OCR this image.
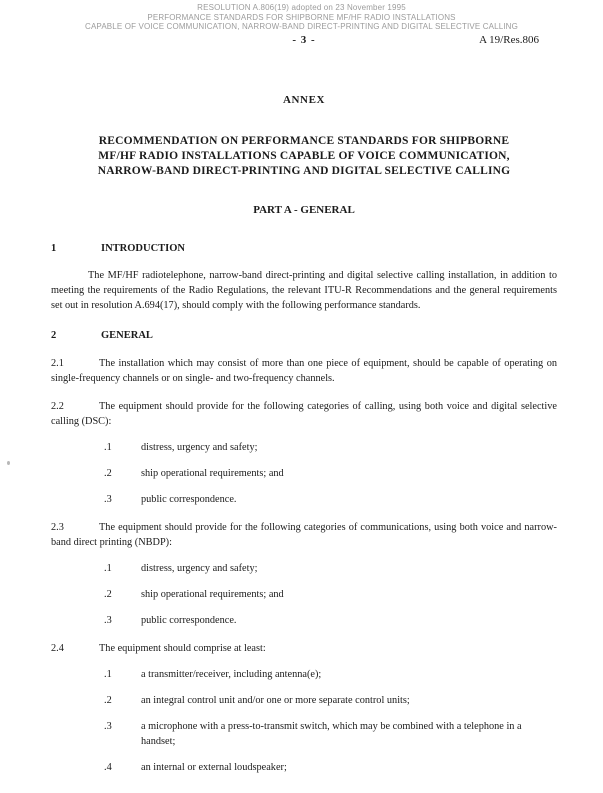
RESOLUTION A.806(19) adopted on 23 November 1995
PERFORMANCE STANDARDS FOR SHIPBORNE MF/HF RADIO INSTALLATIONS
CAPABLE OF VOICE COMMUNICATION, NARROW-BAND DIRECT-PRINTING AND DIGITAL SELECTIVE CALLING
- 3 -	A 19/Res.806
ANNEX
RECOMMENDATION ON PERFORMANCE STANDARDS FOR SHIPBORNE
MF/HF RADIO INSTALLATIONS CAPABLE OF VOICE COMMUNICATION,
NARROW-BAND DIRECT-PRINTING AND DIGITAL SELECTIVE CALLING
PART A - GENERAL

1	INTRODUCTION

The MF/HF radiotelephone, narrow-band direct-printing and digital selective calling installation, in addition to meeting the requirements of the Radio Regulations, the relevant ITU-R Recommendations and the general requirements set out in resolution A.694(17), should comply with the following performance standards.

2	GENERAL

2.1	The installation which may consist of more than one piece of equipment, should be capable of operating on single-frequency channels or on single- and two-frequency channels.

2.2	The equipment should provide for the following categories of calling, using both voice and digital selective calling (DSC):

.1	distress, urgency and safety;
.2	ship operational requirements; and
.3	public correspondence.

2.3	The equipment should provide for the following categories of communications, using both voice and narrow-band direct printing (NBDP):

.1	distress, urgency and safety;
.2	ship operational requirements; and
.3	public correspondence.

2.4	The equipment should comprise at least:

.1	a transmitter/receiver, including antenna(e);
.2	an integral control unit and/or one or more separate control units;
.3	a microphone with a press-to-transmit switch, which may be combined with a telephone in a handset;
.4	an internal or external loudspeaker;
